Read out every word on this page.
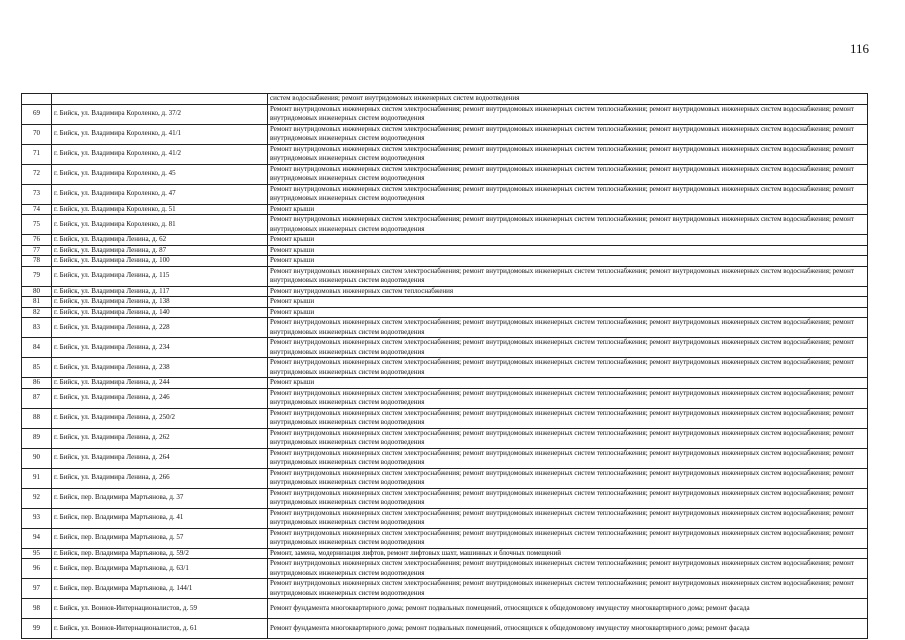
116
		систем водоснабжения; ремонт внутридомовых инженерных систем водоотведения
69	г. Бийск, ул. Владимира Короленко, д. 37/2	Ремонт внутридомовых инженерных систем электроснабжения; ремонт внутридомовых инженерных систем теплоснабжения; ремонт внутридомовых инженерных систем водоснабжения; ремонт внутридомовых инженерных систем водоотведения
70	г. Бийск, ул. Владимира Короленко, д. 41/1	Ремонт внутридомовых инженерных систем электроснабжения; ремонт внутридомовых инженерных систем теплоснабжения; ремонт внутридомовых инженерных систем водоснабжения; ремонт внутридомовых инженерных систем водоотведения
71	г. Бийск, ул. Владимира Короленко, д. 41/2	Ремонт внутридомовых инженерных систем электроснабжения; ремонт внутридомовых инженерных систем теплоснабжения; ремонт внутридомовых инженерных систем водоснабжения; ремонт внутридомовых инженерных систем водоотведения
72	г. Бийск, ул. Владимира Короленко, д. 45	Ремонт внутридомовых инженерных систем электроснабжения; ремонт внутридомовых инженерных систем теплоснабжения; ремонт внутридомовых инженерных систем водоснабжения; ремонт внутридомовых инженерных систем водоотведения
73	г. Бийск, ул. Владимира Короленко, д. 47	Ремонт внутридомовых инженерных систем электроснабжения; ремонт внутридомовых инженерных систем теплоснабжения; ремонт внутридомовых инженерных систем водоснабжения; ремонт внутридомовых инженерных систем водоотведения
74	г. Бийск, ул. Владимира Короленко, д. 51	Ремонт крыши
75	г. Бийск, ул. Владимира Короленко, д. 81	Ремонт внутридомовых инженерных систем электроснабжения; ремонт внутридомовых инженерных систем теплоснабжения; ремонт внутридомовых инженерных систем водоснабжения; ремонт внутридомовых инженерных систем водоотведения
76	г. Бийск, ул. Владимира Ленина, д. 62	Ремонт крыши
77	г. Бийск, ул. Владимира Ленина, д. 87	Ремонт крыши
78	г. Бийск, ул. Владимира Ленина, д. 100	Ремонт крыши
79	г. Бийск, ул. Владимира Ленина, д. 115	Ремонт внутридомовых инженерных систем электроснабжения; ремонт внутридомовых инженерных систем теплоснабжения; ремонт внутридомовых инженерных систем водоснабжения; ремонт внутридомовых инженерных систем водоотведения
80	г. Бийск, ул. Владимира Ленина, д. 117	Ремонт внутридомовых инженерных систем теплоснабжения
81	г. Бийск, ул. Владимира Ленина, д. 138	Ремонт крыши
82	г. Бийск, ул. Владимира Ленина, д. 140	Ремонт крыши
83	г. Бийск, ул. Владимира Ленина, д. 228	Ремонт внутридомовых инженерных систем электроснабжения; ремонт внутридомовых инженерных систем теплоснабжения; ремонт внутридомовых инженерных систем водоснабжения; ремонт внутридомовых инженерных систем водоотведения
84	г. Бийск, ул. Владимира Ленина, д. 234	Ремонт внутридомовых инженерных систем электроснабжения; ремонт внутридомовых инженерных систем теплоснабжения; ремонт внутридомовых инженерных систем водоснабжения; ремонт внутридомовых инженерных систем водоотведения
85	г. Бийск, ул. Владимира Ленина, д. 238	Ремонт внутридомовых инженерных систем электроснабжения; ремонт внутридомовых инженерных систем теплоснабжения; ремонт внутридомовых инженерных систем водоснабжения; ремонт внутридомовых инженерных систем водоотведения
86	г. Бийск, ул. Владимира Ленина, д. 244	Ремонт крыши
87	г. Бийск, ул. Владимира Ленина, д. 246	Ремонт внутридомовых инженерных систем электроснабжения; ремонт внутридомовых инженерных систем теплоснабжения; ремонт внутридомовых инженерных систем водоснабжения; ремонт внутридомовых инженерных систем водоотведения
88	г. Бийск, ул. Владимира Ленина, д. 250/2	Ремонт внутридомовых инженерных систем электроснабжения; ремонт внутридомовых инженерных систем теплоснабжения; ремонт внутридомовых инженерных систем водоснабжения; ремонт внутридомовых инженерных систем водоотведения
89	г. Бийск, ул. Владимира Ленина, д. 262	Ремонт внутридомовых инженерных систем электроснабжения; ремонт внутридомовых инженерных систем теплоснабжения; ремонт внутридомовых инженерных систем водоснабжения; ремонт внутридомовых инженерных систем водоотведения
90	г. Бийск, ул. Владимира Ленина, д. 264	Ремонт внутридомовых инженерных систем электроснабжения; ремонт внутридомовых инженерных систем теплоснабжения; ремонт внутридомовых инженерных систем водоснабжения; ремонт внутридомовых инженерных систем водоотведения
91	г. Бийск, ул. Владимира Ленина, д. 266	Ремонт внутридомовых инженерных систем электроснабжения; ремонт внутридомовых инженерных систем теплоснабжения; ремонт внутридомовых инженерных систем водоснабжения; ремонт внутридомовых инженерных систем водоотведения
92	г. Бийск, пер. Владимира Мартьянова, д. 37	Ремонт внутридомовых инженерных систем электроснабжения; ремонт внутридомовых инженерных систем теплоснабжения; ремонт внутридомовых инженерных систем водоснабжения; ремонт внутридомовых инженерных систем водоотведения
93	г. Бийск, пер. Владимира Мартьянова, д. 41	Ремонт внутридомовых инженерных систем электроснабжения; ремонт внутридомовых инженерных систем теплоснабжения; ремонт внутридомовых инженерных систем водоснабжения; ремонт внутридомовых инженерных систем водоотведения
94	г. Бийск, пер. Владимира Мартьянова, д. 57	Ремонт внутридомовых инженерных систем электроснабжения; ремонт внутридомовых инженерных систем теплоснабжения; ремонт внутридомовых инженерных систем водоснабжения; ремонт внутридомовых инженерных систем водоотведения
95	г. Бийск, пер. Владимира Мартьянова, д. 59/2	Ремонт, замена, модернизация лифтов, ремонт лифтовых шахт, машинных и блочных помещений
96	г. Бийск, пер. Владимира Мартьянова, д. 63/1	Ремонт внутридомовых инженерных систем электроснабжения; ремонт внутридомовых инженерных систем теплоснабжения; ремонт внутридомовых инженерных систем водоснабжения; ремонт внутридомовых инженерных систем водоотведения
97	г. Бийск, пер. Владимира Мартьянова, д. 144/1	Ремонт внутридомовых инженерных систем электроснабжения; ремонт внутридомовых инженерных систем теплоснабжения; ремонт внутридомовых инженерных систем водоснабжения; ремонт внутридомовых инженерных систем водоотведения
98	г. Бийск, ул. Воинов-Интернационалистов, д. 59	Ремонт фундамента многоквартирного дома; ремонт подвальных помещений, относящихся к общедомовому имуществу многоквартирного дома; ремонт фасада
99	г. Бийск, ул. Воинов-Интернационалистов, д. 61	Ремонт фундамента многоквартирного дома; ремонт подвальных помещений, относящихся к общедомовому имуществу многоквартирного дома; ремонт фасада
